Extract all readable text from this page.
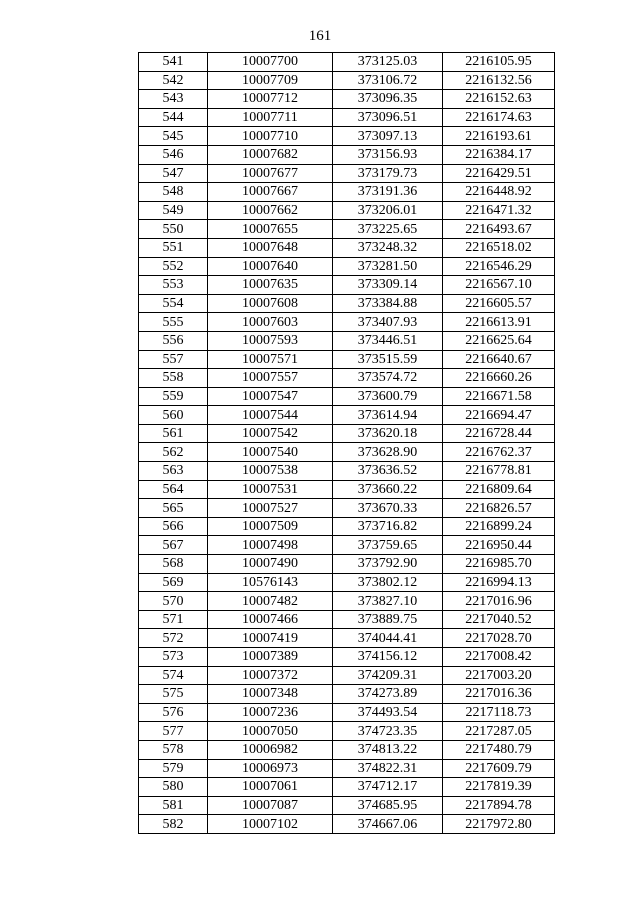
161
541	10007700	373125.03	2216105.95
542	10007709	373106.72	2216132.56
543	10007712	373096.35	2216152.63
544	10007711	373096.51	2216174.63
545	10007710	373097.13	2216193.61
546	10007682	373156.93	2216384.17
547	10007677	373179.73	2216429.51
548	10007667	373191.36	2216448.92
549	10007662	373206.01	2216471.32
550	10007655	373225.65	2216493.67
551	10007648	373248.32	2216518.02
552	10007640	373281.50	2216546.29
553	10007635	373309.14	2216567.10
554	10007608	373384.88	2216605.57
555	10007603	373407.93	2216613.91
556	10007593	373446.51	2216625.64
557	10007571	373515.59	2216640.67
558	10007557	373574.72	2216660.26
559	10007547	373600.79	2216671.58
560	10007544	373614.94	2216694.47
561	10007542	373620.18	2216728.44
562	10007540	373628.90	2216762.37
563	10007538	373636.52	2216778.81
564	10007531	373660.22	2216809.64
565	10007527	373670.33	2216826.57
566	10007509	373716.82	2216899.24
567	10007498	373759.65	2216950.44
568	10007490	373792.90	2216985.70
569	10576143	373802.12	2216994.13
570	10007482	373827.10	2217016.96
571	10007466	373889.75	2217040.52
572	10007419	374044.41	2217028.70
573	10007389	374156.12	2217008.42
574	10007372	374209.31	2217003.20
575	10007348	374273.89	2217016.36
576	10007236	374493.54	2217118.73
577	10007050	374723.35	2217287.05
578	10006982	374813.22	2217480.79
579	10006973	374822.31	2217609.79
580	10007061	374712.17	2217819.39
581	10007087	374685.95	2217894.78
582	10007102	374667.06	2217972.80
